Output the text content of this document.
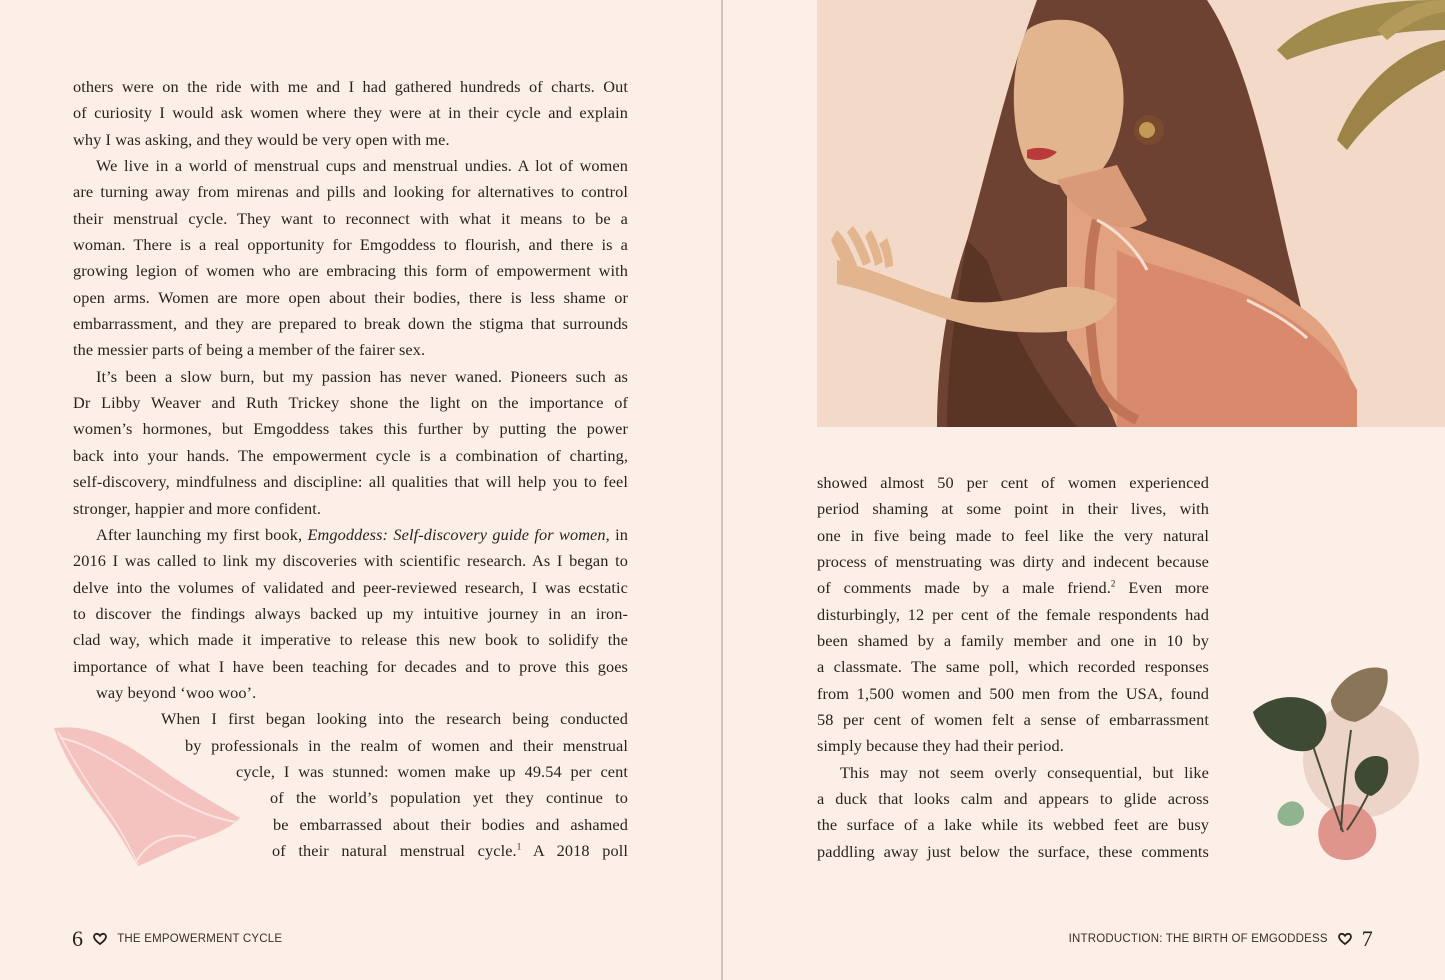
others were on the ride with me and I had gathered hundreds of charts. Out
of curiosity I would ask women where they were at in their cycle and explain
why I was asking, and they would be very open with me.
We live in a world of menstrual cups and menstrual undies. A lot of women
are turning away from mirenas and pills and looking for alternatives to control
their menstrual cycle. They want to reconnect with what it means to be a
woman. There is a real opportunity for Emgoddess to flourish, and there is a
growing legion of women who are embracing this form of empowerment with
open arms. Women are more open about their bodies, there is less shame or
embarrassment, and they are prepared to break down the stigma that surrounds
the messier parts of being a member of the fairer sex.
It’s been a slow burn, but my passion has never waned. Pioneers such as
Dr Libby Weaver and Ruth Trickey shone the light on the importance of
women’s hormones, but Emgoddess takes this further by putting the power
back into your hands. The empowerment cycle is a combination of charting,
self-discovery, mindfulness and discipline: all qualities that will help you to feel
stronger, happier and more confident.
After launching my first book, Emgoddess: Self-discovery guide for women, in
2016 I was called to link my discoveries with scientific research. As I began to
delve into the volumes of validated and peer-reviewed research, I was ecstatic
to discover the findings always backed up my intuitive journey in an iron-
clad way, which made it imperative to release this new book to solidify the
importance of what I have been teaching for decades and to prove this goes
way beyond ‘woo woo’.
When I first began looking into the research being conducted
by professionals in the realm of women and their menstrual
cycle, I was stunned: women make up 49.54 per cent
of the world’s population yet they continue to
be embarrassed about their bodies and ashamed
of their natural menstrual cycle.$^1$ A 2018 poll
6	THE EMPOWERMENT CYCLE
showed almost 50 per cent of women experienced
period shaming at some point in their lives, with
one in five being made to feel like the very natural
process of menstruating was dirty and indecent because
of comments made by a male friend.$^2$ Even more
disturbingly, 12 per cent of the female respondents had
been shamed by a family member and one in 10 by
a classmate. The same poll, which recorded responses
from 1,500 women and 500 men from the USA, found
58 per cent of women felt a sense of embarrassment
simply because they had their period.
This may not seem overly consequential, but like
a duck that looks calm and appears to glide across
the surface of a lake while its webbed feet are busy
paddling away just below the surface, these comments
INTRODUCTION: THE BIRTH OF EMGODDESS 7
